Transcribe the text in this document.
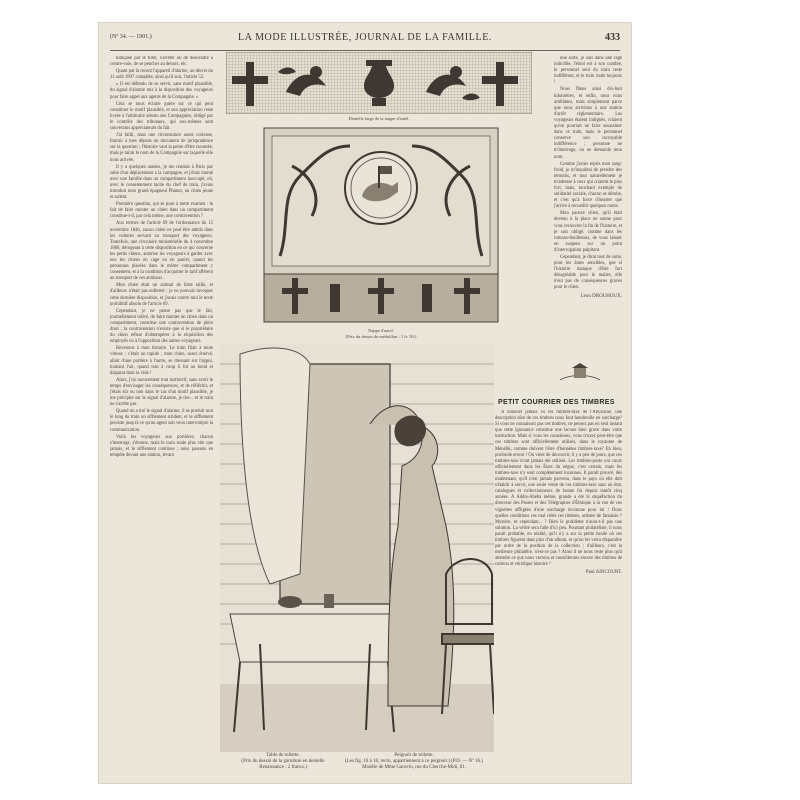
(Nº 34. — 1901.)	LA MODE ILLUSTRÉE, JOURNAL DE LA FAMILLE.	433

indiquée par le tillet, s'arrêter ou de descendre à contre-voie, de se pencher au dehors, etc.

Quant par là recent l'appareil d'alarme, un décret du 11 août 1897 complète, ainsi qu'il suit, l'article 52.

« Il est défendu de se servir, sans motif plausible, du signal d'alarme mis à la disposition des voyageurs pour faire appel aux agents de la Compagnie. »

Cela se nous éclaire guère sur ce qui peut constituer le motif plausible, et son appréciation reste livrée à l'arbitraire absolu des Compagnies, obligé par le contrôle des tribunaux, qui eux-mêmes sont souverains appréciateurs du fait.

J'ai failli, dans une circonstance assez curieuse, fournir à mes dépens un document de jurisprudence sur la question ; l'histoire vaut la peine d'être racontée, mais je tairai le nom de la Compagnie sur laquelle elle nous arrivée.

Il y a quelques années, je me rendais à Paris par suite d'un déplacement à la campagne, et j'étais monté avec une famille dans un compartiment inoccupé, où, avec le consentement tacite du chef de train, j'avais introduit mon grand épagneul Phanor, un chien jeune et ardent.

Première question, qui se pose à notre examen : le fait de faire monter un chien dans un compartiment constitue-t-il, par cela même, une contravention ?

Aux termes de l'article 69 de l'ordonnance du 15 novembre 1846, aucun chien ne peut être admis dans les voitures servant au transport des voyageurs. Toutefois, une circulaire ministérielle du 4 novembre 1866, dérogeant à cette disposition en ce qui concerne les petits chiens, autorise les voyageurs à garder avec eux les chiens en cage ou en panier, quand les personnes placées dans le même compartiment y consentent, et à la condition d'acquitter le tarif afférent au transport de ces animaux.

Mon chien était un animal de forte taille, et d'ailleurs n'était pas enfermé ; je ne pouvais invoquer cette dernière disposition, et j'avais contre moi le texte prohibitif absolu de l'article 69.

Cependant, je ne pense pas que le fait, journellement toléré, de faire monter un chien dans un compartiment, constitue une contravention de plein droit ; la contravention n'existe que si le propriétaire du chien refuse d'obtempérer à la réquisition des employés ou à l'opposition des autres voyageurs.

Revenons à mon histoire. Le train filait à toute vitesse ; c'était un rapide ; mon chien, assez énervé, allait d'une portière à l'autre, se dressant sur l'appui, humant l'air, quand tout à coup il fut au bond et disparut dans le vide !

Alors, j'un mouvement tout instinctif, sans avoir le temps d'envisager les conséquences, et de réfléchir, et j'étais sûr ou non dans le cas d'un motif plausible, je me précipite sur le signal d'alarme, je tire... et le train ne s'arrête pas.

Quand on a tiré le signal d'alarme, il se produit tout le long du train un sifflement strident, et le sifflement persiste jusqu'à ce qu'un agent soit venu interrompre la communication.

Voilà les voyageurs aux portières, chacun s'interroge, s'étonne, mais le train roule plus vite que jamais, et le sifflement continue ; nous passons en tempête devant une station, levant

une sorte, je suis dans une rage indicible, l'émoi est à son comble, le personnel seul du train reste indifférent, et le train roule toujours !

Nous fîmes ainsi dix-huit kilomètres, et enfin, nous nous arrêtâmes, mais simplement parce que nous arrivions à une station d'arrêt réglementaire. Les voyageurs étaient indignés, criaient qu'on pourrait ne faire assassiner dans ce train, mais le personnel conserve son incroyable indifférence ; personne ne m'interroge, on ne demande mon nom.

Comme j'avais repris mon sang-froid, je m'inquiétai de prendre des témoins, et tout naturellement je m'adresse à ceux qui criaient le plus fort, mais, touchant exemple de solidarité sociale, chacun se dérobe, et c'est qu'à force d'insister que j'arrive à recueillir quelques noms.

Mon pauvre chien, qu'il était devenu à la place ne sonne pour vous recouvrer la fin de l'histoire, et je suis obligé, comme dans les romans-feuilletons, de vous laisser en suspens sur un point d'interrogation palpitant.

Cependant, je dirai tout de suite, pour les âmes sensibles, que si l'histoire manque d'être fort désagréable pour le maître, elle n'eut pas de conséquences graves pour le chien.

Léon DROUHOUX.
Dentelle large de la nappe d'autel.
Nappe d'autel.
(Prix du dessin du médaillon : 1 fr. 50.)
Table de toilette.
(Prix du dessin de la garniture en dentelle Renaissance : 2 francs.)
Peignoir de toilette.
(Les fig. 16 à 18, recto, appartiennent à ce peignoir.) (P.D. — Nº 16.)
Modèle de Mme Gauvrin, rue du Cherche-Midi, 81.
PETIT COURRIER DES TIMBRES

A nnoncer jamais vu les timbres-taxe de l'Abyssinie, une description sûre de ces timbres nous font honderolle en surcharge? Si vous ne connaissez pas ces timbres, ne pensez pas en seul instant que cette ignorance constitue une lacune bien grave dans votre instruction. Mais si vous les connaissez, vous croyez peut-être que ces timbres sont officiellement utilisés, dans le royaume de Ménélik, comme doivent l'être d'honnêtes timbres-taxe? Eh bien, profonde erreur ! On vient de découvrir, il y a peu de jours, que ces timbres-taxe n'ont jamais été utilisés. Les timbres-poste ont cours officiellement dans les États du négus, c'est certain, mais les timbres-taxe n'y sont complètement inconnus. Il paraît prouvé, dès maintenant, qu'il n'est jamais parvenu, dans le pays où elle doit s'établir à servir, une seule vente de ces timbres-taxe sans un état, catalogues et collectionneurs de bonne foi depuis tantôt cinq années. A Addis-Abeba même, grande a été la stupéfaction du directeur des Postes et des Télégraphes d'Éthiopie à la vue de ces vignettes affligées d'une surcharge inconnue pour lui ! Donc quelles conditions ces mal créés ces timbres, artistes de fantaisie ? Mystère, et cependant... ? Rien le problème n'aura-t-il pas une solution. La vérité sera faite d'ici peu. Pourtant philatéliste, il nous paraît probable, en réalité, qu'il n'y a sur la petite bande où ces timbres figurent dans plus d'un album, et qu'on les verra disparaître par ordre de la position de la collection ; d'ailleurs, c'est la meilleure philatélie, n'est-ce pas ? Ainsi il ne nous reste plus qu'à attendre ce que nous verrons et contrôlerons encore des timbres de curieux et véridique histoire ?

Paul AINCOURT.
